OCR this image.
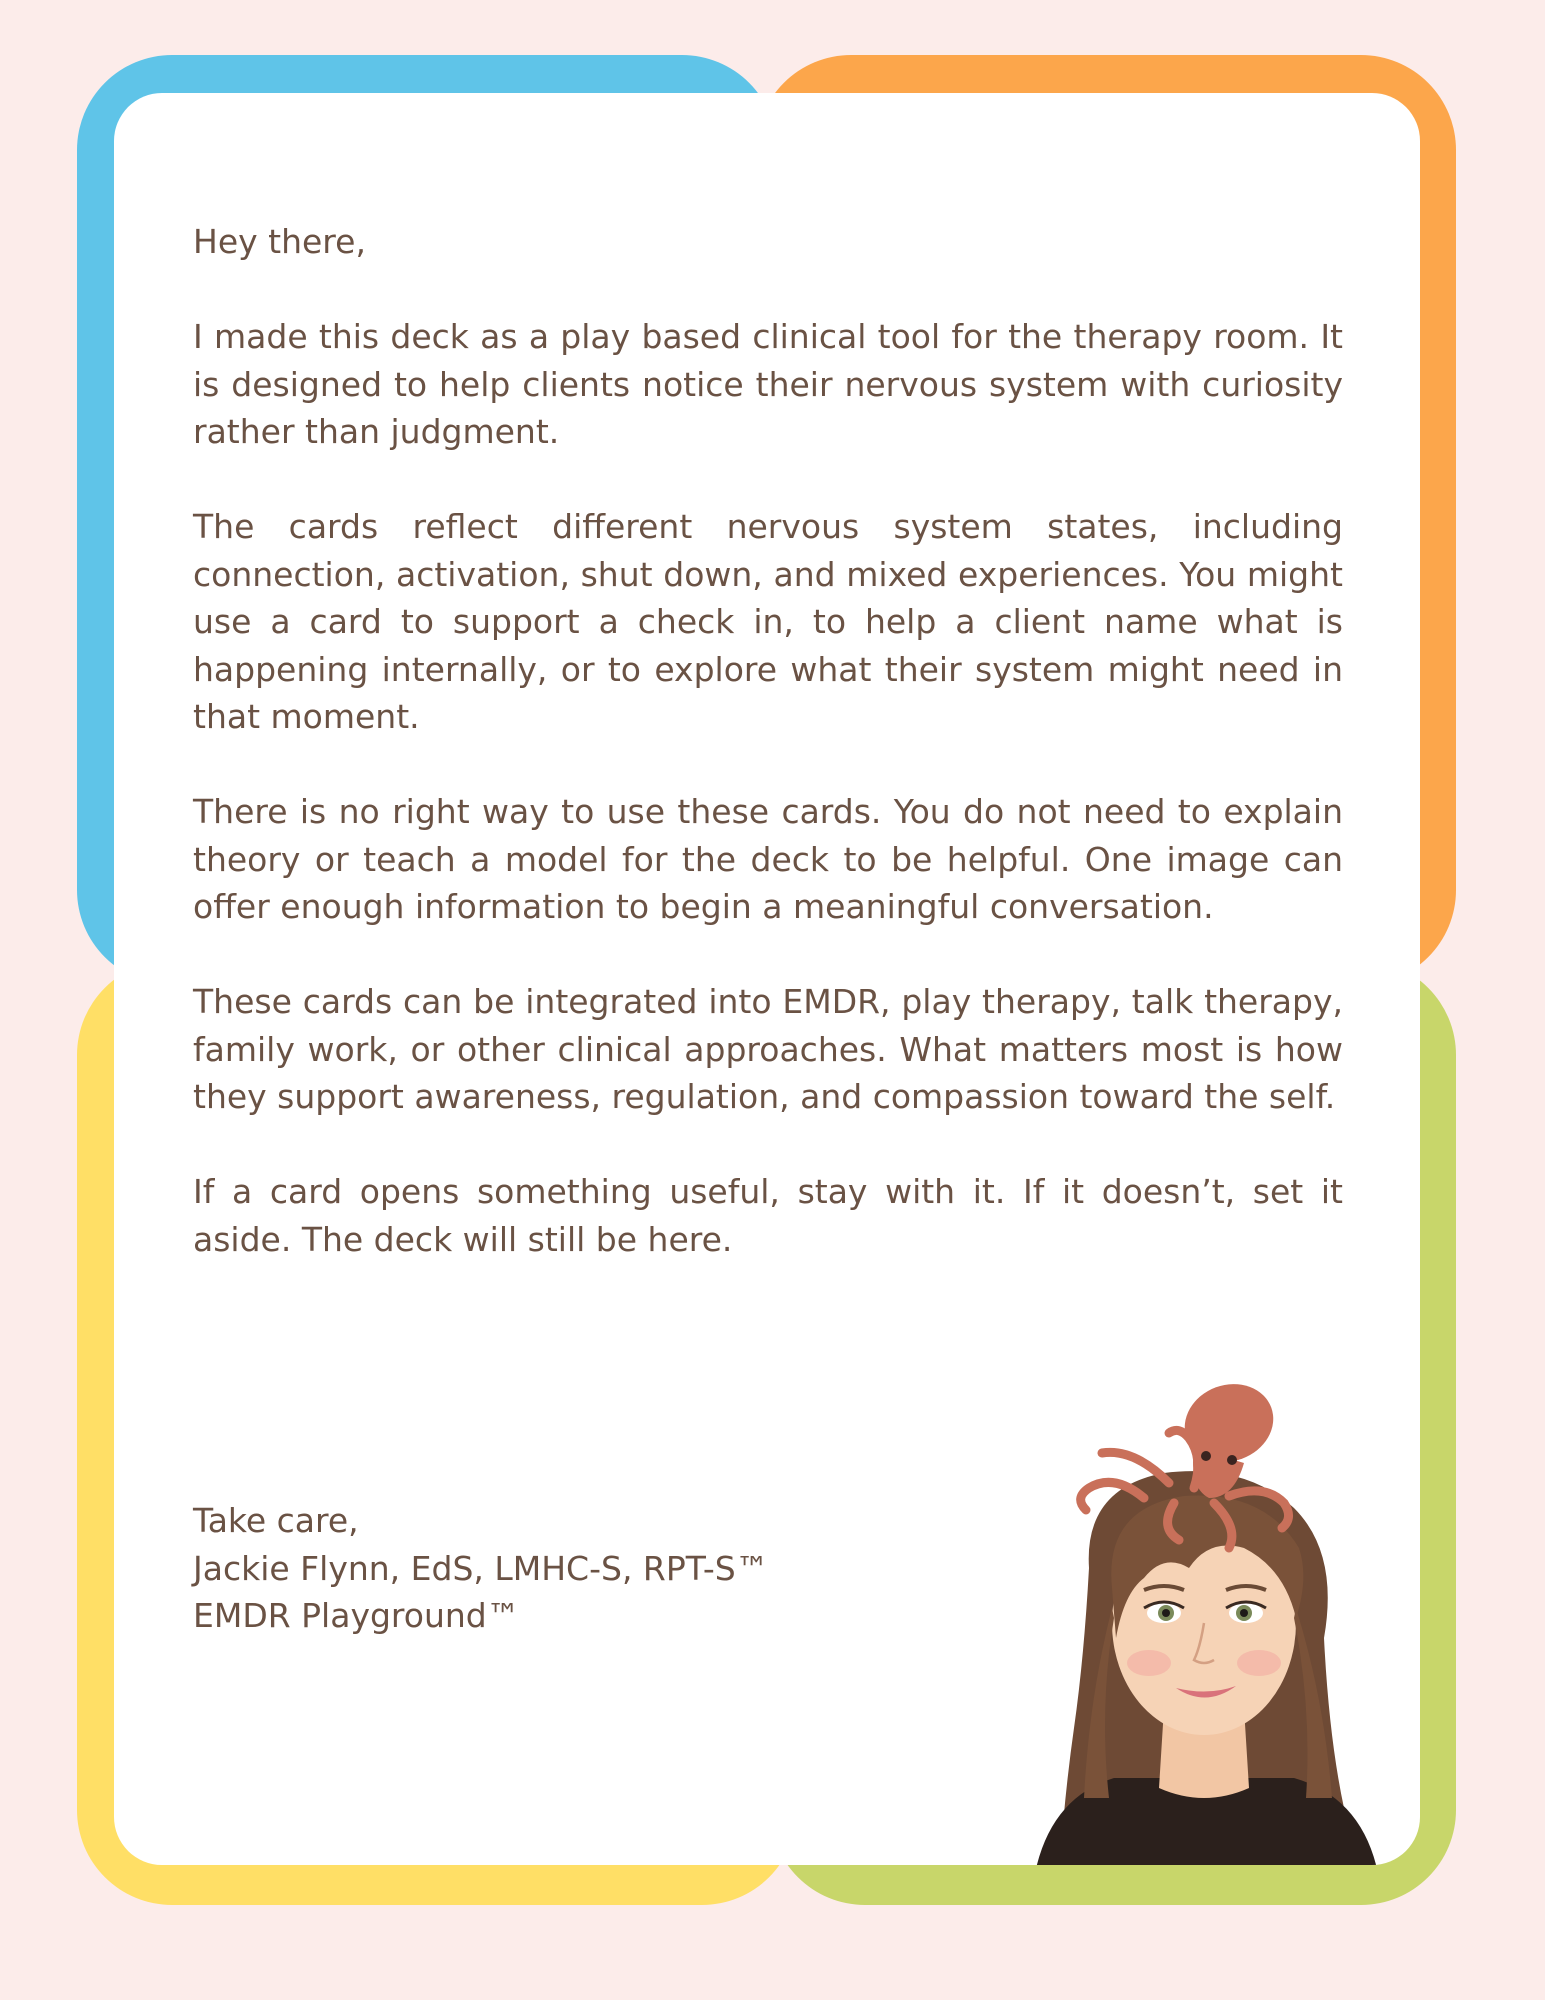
Hey there,

I made this deck as a play based clinical tool for the therapy room. It is designed to help clients notice their nervous system with curiosity rather than judgment.

The cards reflect different nervous system states, including connection, activation, shut down, and mixed experiences. You might use a card to support a check in, to help a client name what is happening internally, or to explore what their system might need in that moment.

There is no right way to use these cards. You do not need to explain theory or teach a model for the deck to be helpful. One image can offer enough information to begin a meaningful conversation.

These cards can be integrated into EMDR, play therapy, talk therapy, family work, or other clinical approaches. What matters most is how they support awareness, regulation, and compassion toward the self.

If a card opens something useful, stay with it. If it doesn’t, set it aside. The deck will still be here.

Take care,
Jackie Flynn, EdS, LMHC-S, RPT-S™
EMDR Playground™
